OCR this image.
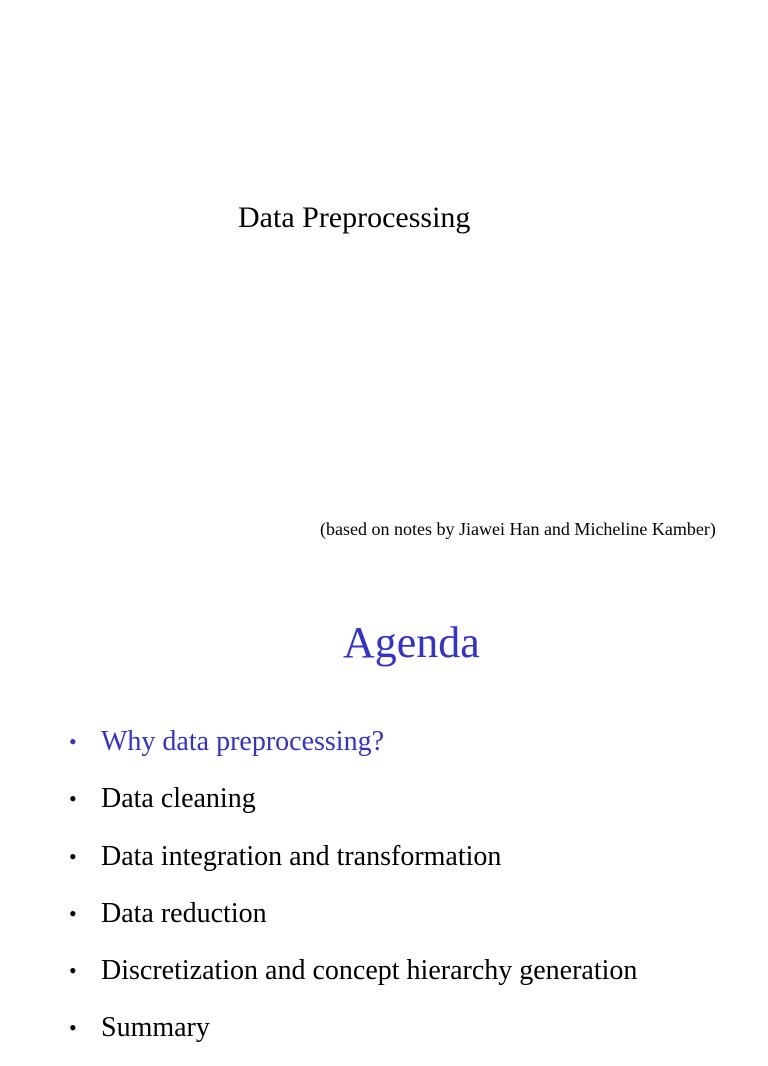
Data Preprocessing
(based on notes by Jiawei Han and Micheline Kamber)
Agenda
• Why data preprocessing?
• Data cleaning
• Data integration and transformation
• Data reduction
• Discretization and concept hierarchy generation
• Summary
